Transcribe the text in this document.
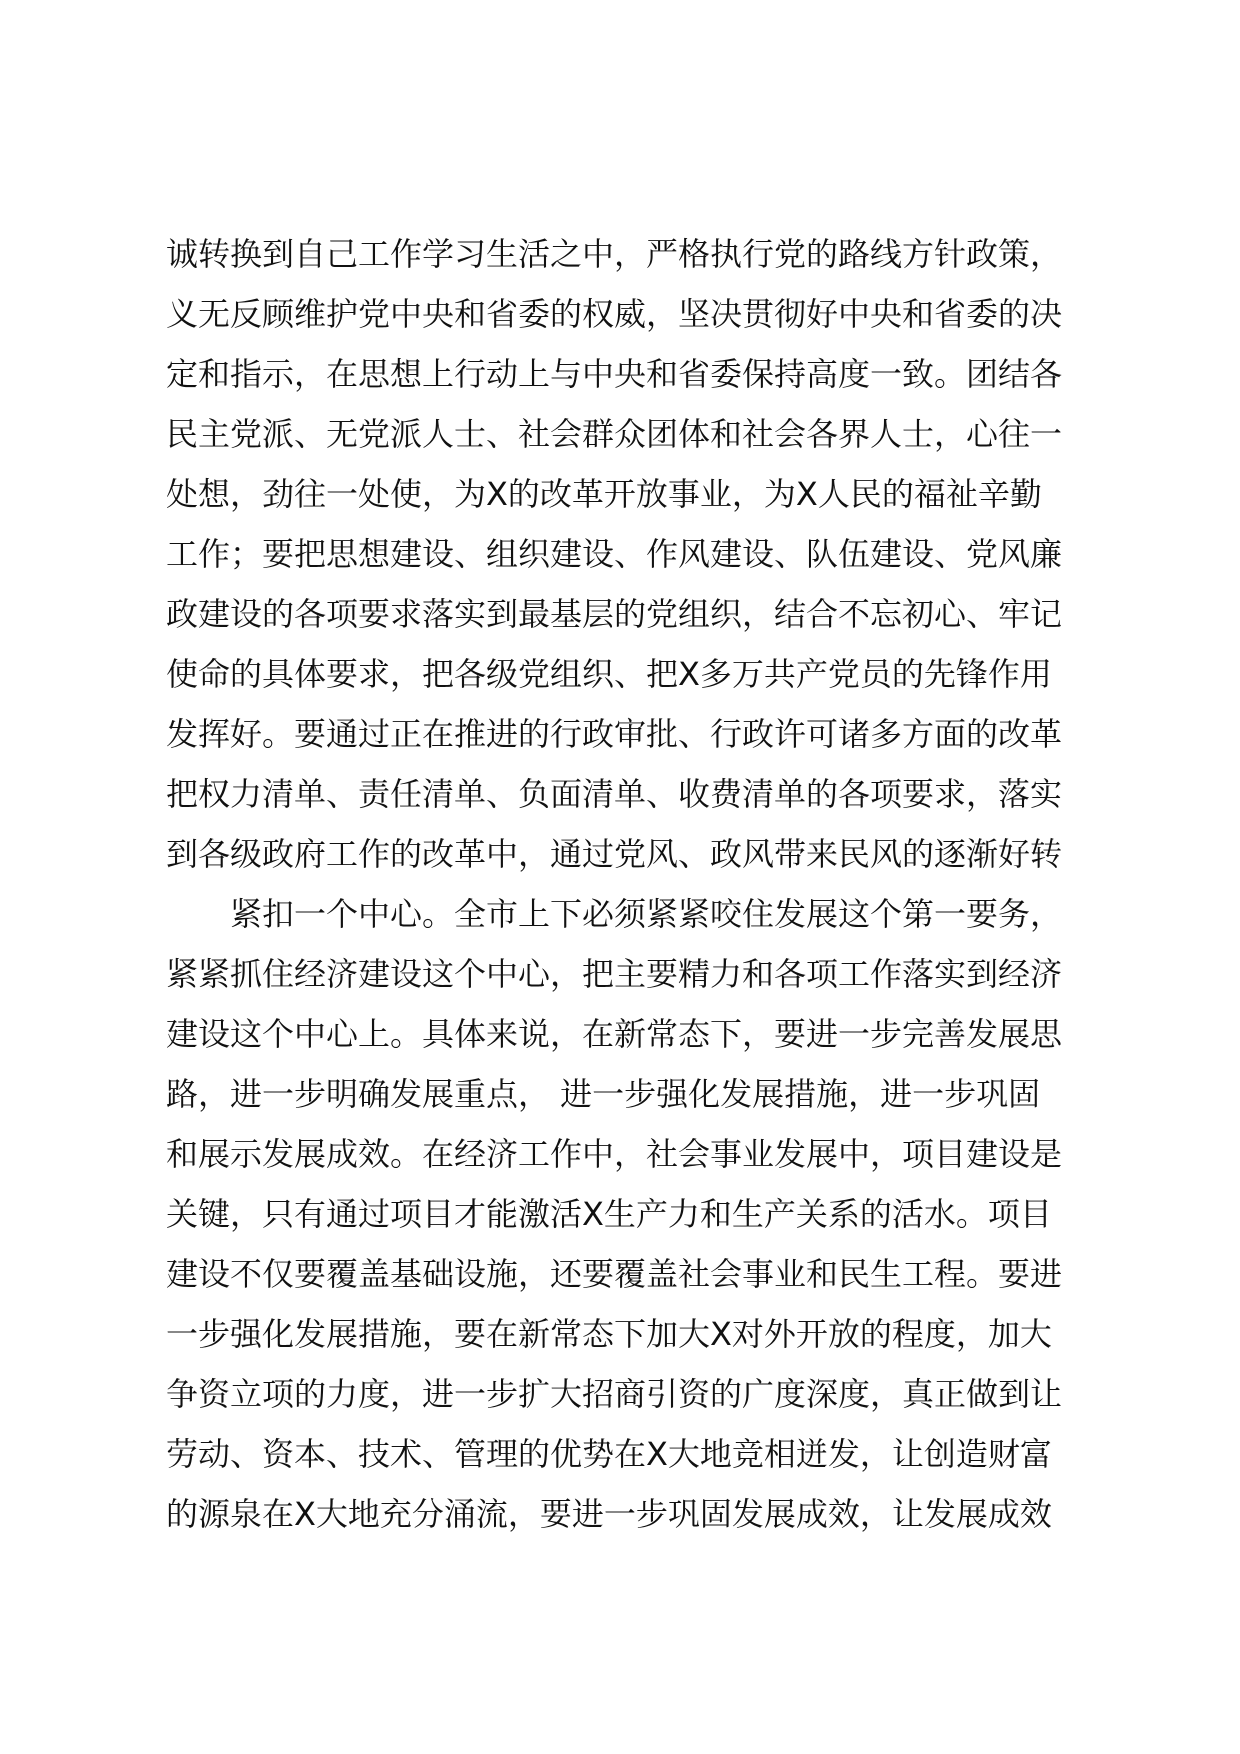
诚转换到自己工作学习生活之中，严格执行党的路线方针政策，
义无反顾维护党中央和省委的权威，坚决贯彻好中央和省委的决
定和指示，在思想上行动上与中央和省委保持高度一致。团结各
民主党派、无党派人士、社会群众团体和社会各界人士，心往一
处想，劲往一处使，为X的改革开放事业，为X人民的福祉辛勤
工作；要把思想建设、组织建设、作风建设、队伍建设、党风廉
政建设的各项要求落实到最基层的党组织，结合不忘初心、牢记
使命的具体要求，把各级党组织、把X多万共产党员的先锋作用
发挥好。要通过正在推进的行政审批、行政许可诸多方面的改革
把权力清单、责任清单、负面清单、收费清单的各项要求，落实
到各级政府工作的改革中，通过党风、政风带来民风的逐渐好转
紧扣一个中心。全市上下必须紧紧咬住发展这个第一要务，
紧紧抓住经济建设这个中心，把主要精力和各项工作落实到经济
建设这个中心上。具体来说，在新常态下，要进一步完善发展思
路，进一步明确发展重点， 进一步强化发展措施，进一步巩固
和展示发展成效。在经济工作中，社会事业发展中，项目建设是
关键，只有通过项目才能激活X生产力和生产关系的活水。项目
建设不仅要覆盖基础设施，还要覆盖社会事业和民生工程。要进
一步强化发展措施，要在新常态下加大X对外开放的程度，加大
争资立项的力度，进一步扩大招商引资的广度深度，真正做到让
劳动、资本、技术、管理的优势在X大地竞相迸发，让创造财富
的源泉在X大地充分涌流，要进一步巩固发展成效，让发展成效
